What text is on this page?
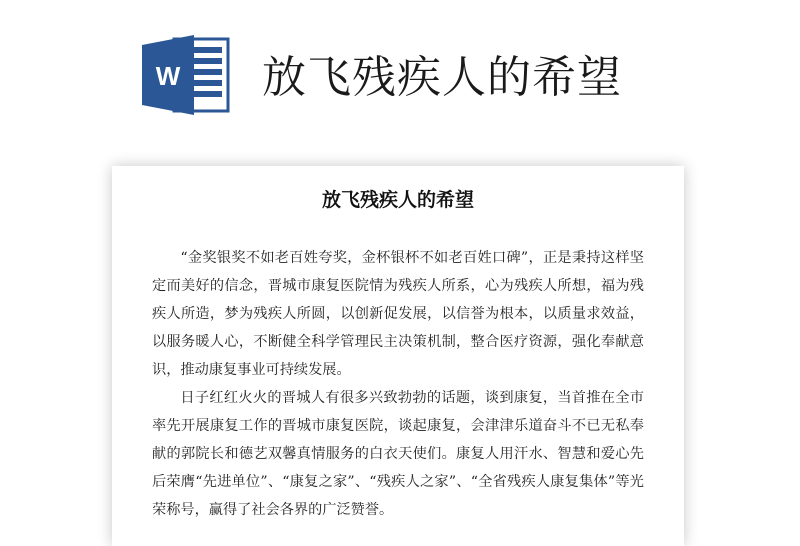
W 放飞残疾人的希望
放飞残疾人的希望

“金奖银奖不如老百姓夸奖，金杯银杯不如老百姓口碑”，正是秉持这样坚定而美好的信念，晋城市康复医院情为残疾人所系，心为残疾人所想，福为残疾人所造，梦为残疾人所圆，以创新促发展，以信誉为根本，以质量求效益，以服务暖人心，不断健全科学管理民主决策机制，整合医疗资源，强化奉献意识，推动康复事业可持续发展。

日子红红火火的晋城人有很多兴致勃勃的话题，谈到康复，当首推在全市率先开展康复工作的晋城市康复医院，谈起康复，会津津乐道奋斗不已无私奉献的郭院长和德艺双馨真情服务的白衣天使们。康复人用汗水、智慧和爱心先后荣膺“先进单位”、“康复之家”、“残疾人之家”、“全省残疾人康复集体”等光荣称号，赢得了社会各界的广泛赞誉。
